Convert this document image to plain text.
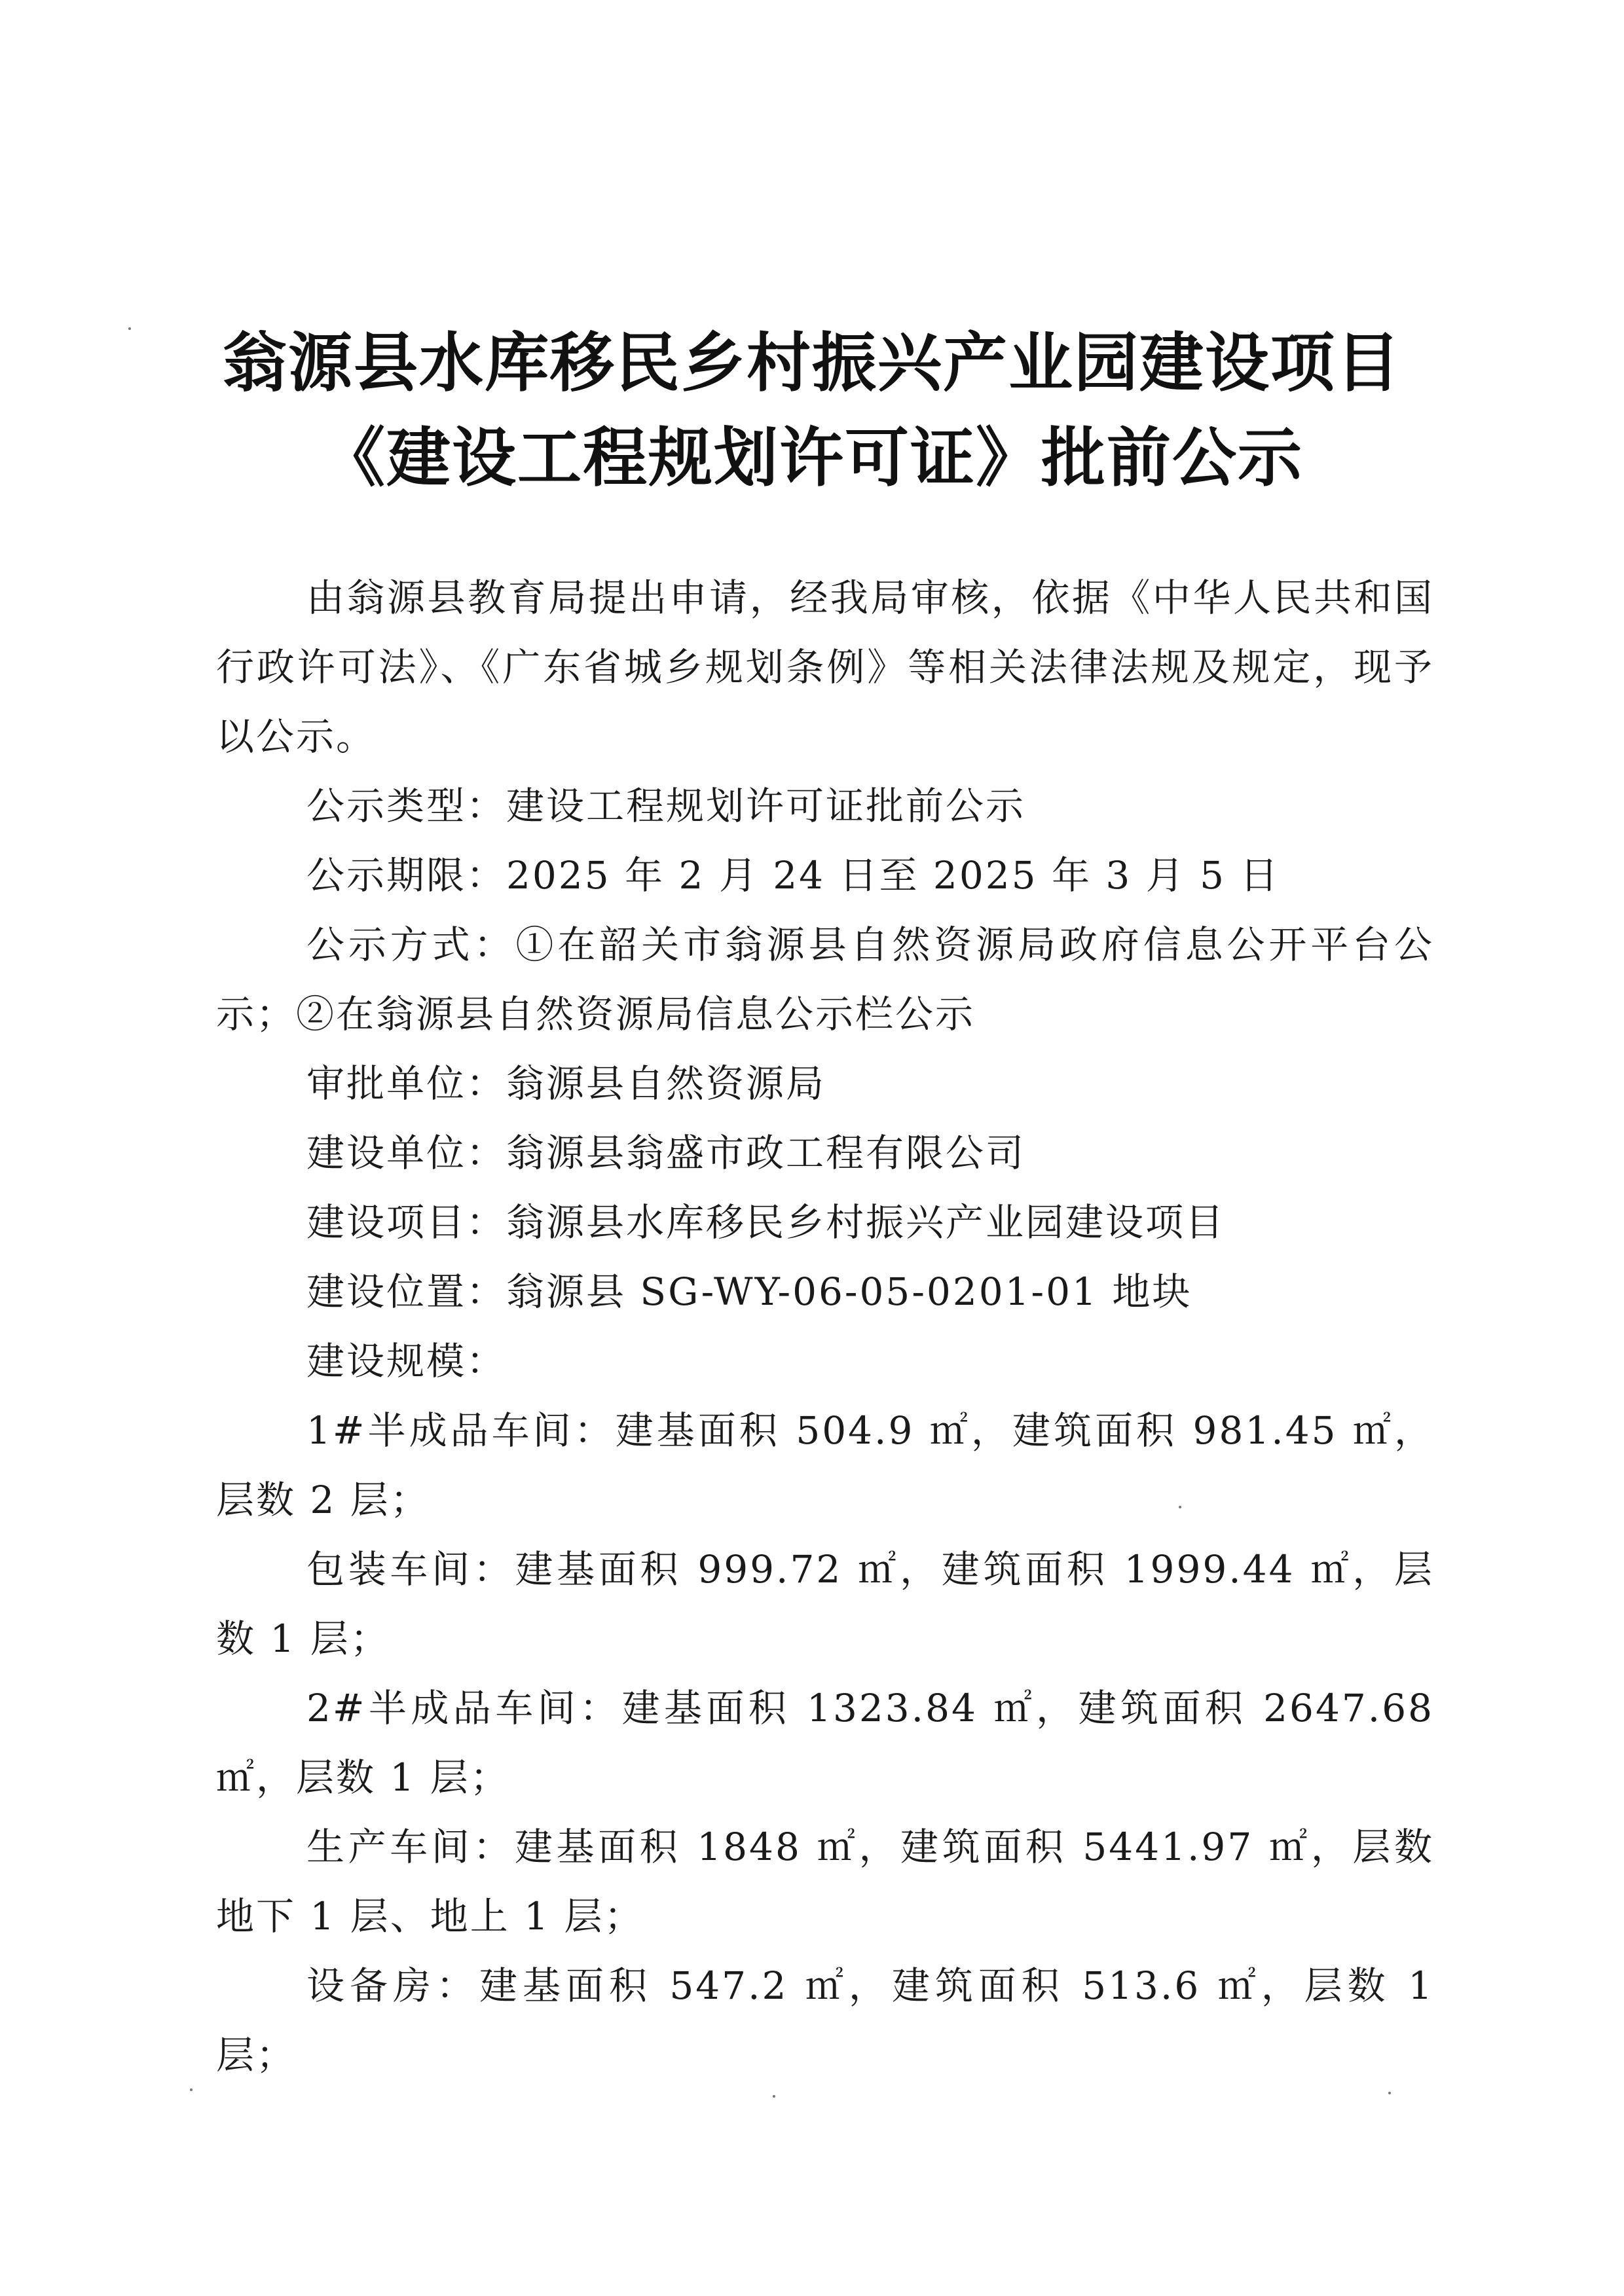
翁源县水库移民乡村振兴产业园建设项目
《建设工程规划许可证》批前公示

由翁源县教育局提出申请，经我局审核，依据《中华人民共和国行政许可法》、《广东省城乡规划条例》等相关法律法规及规定，现予以公示。

公示类型：建设工程规划许可证批前公示

公示期限：2025 年 2 月 24 日至 2025 年 3 月 5 日

公示方式：①在韶关市翁源县自然资源局政府信息公开平台公示；②在翁源县自然资源局信息公示栏公示

审批单位：翁源县自然资源局

建设单位：翁源县翁盛市政工程有限公司

建设项目：翁源县水库移民乡村振兴产业园建设项目

建设位置：翁源县 SG-WY-06-05-0201-01 地块

建设规模：

1#半成品车间：建基面积 504.9 ㎡，建筑面积 981.45 ㎡，层数 2 层；

包装车间：建基面积 999.72 ㎡，建筑面积 1999.44 ㎡，层数 1 层；

2#半成品车间：建基面积 1323.84 ㎡，建筑面积 2647.68 ㎡，层数 1 层；

生产车间：建基面积 1848 ㎡，建筑面积 5441.97 ㎡，层数地下 1 层、地上 1 层；

设备房：建基面积 547.2 ㎡，建筑面积 513.6 ㎡，层数 1 层；
